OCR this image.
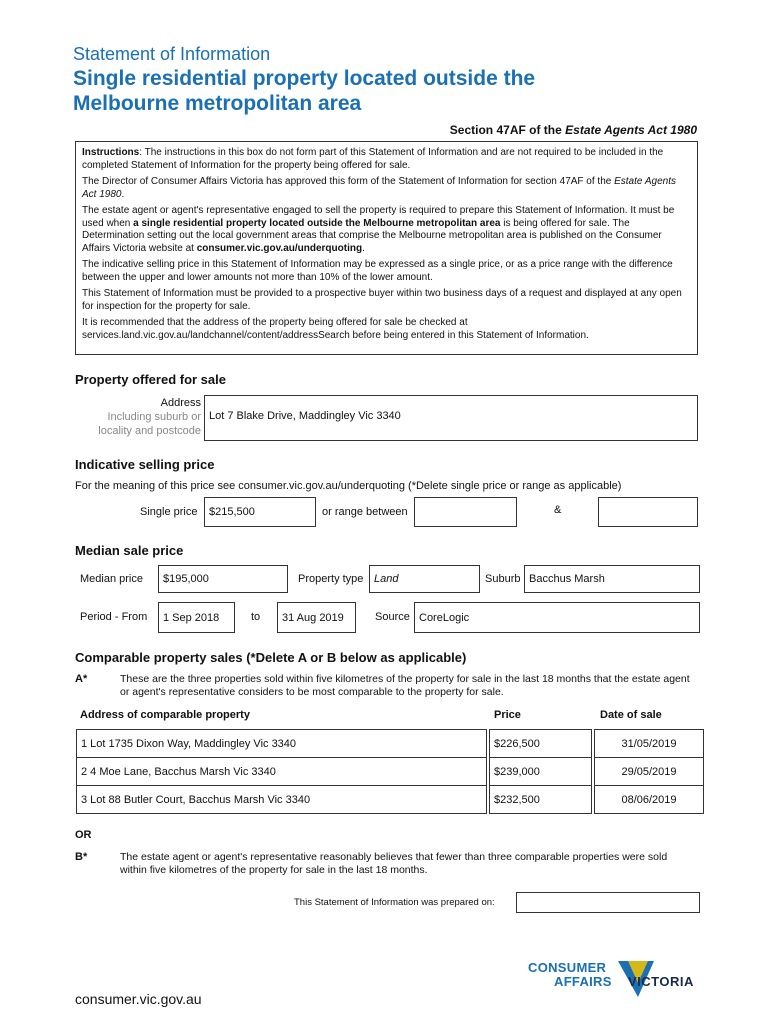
Statement of Information
Single residential property located outside the
Melbourne metropolitan area
Section 47AF of the Estate Agents Act 1980

Instructions: The instructions in this box do not form part of this Statement of Information and are not required to be included in the completed Statement of Information for the property being offered for sale.

The Director of Consumer Affairs Victoria has approved this form of the Statement of Information for section 47AF of the Estate Agents Act 1980.

The estate agent or agent's representative engaged to sell the property is required to prepare this Statement of Information. It must be used when a single residential property located outside the Melbourne metropolitan area is being offered for sale. The Determination setting out the local government areas that comprise the Melbourne metropolitan area is published on the Consumer Affairs Victoria website at consumer.vic.gov.au/underquoting.

The indicative selling price in this Statement of Information may be expressed as a single price, or as a price range with the difference between the upper and lower amounts not more than 10% of the lower amount.

This Statement of Information must be provided to a prospective buyer within two business days of a request and displayed at any open for inspection for the property for sale.

It is recommended that the address of the property being offered for sale be checked at services.land.vic.gov.au/landchannel/content/addressSearch before being entered in this Statement of Information.

Property offered for sale
Address
Including suburb or
locality and postcode
Lot 7 Blake Drive, Maddingley Vic 3340
Indicative selling price
For the meaning of this price see consumer.vic.gov.au/underquoting (*Delete single price or range as applicable)
Single price	$215,500	or range between	&
Median sale price
Median price	$195,000	Property type Land	Suburb Bacchus Marsh
Period - From	1 Sep 2018	to	31 Aug 2019	Source CoreLogic
Comparable property sales (*Delete A or B below as applicable)
A*	These are the three properties sold within five kilometres of the property for sale in the last 18 months that the estate agent or agent's representative considers to be most comparable to the property for sale.
Address of comparable property	Price	Date of sale
1 Lot 1735 Dixon Way, Maddingley Vic 3340	$226,500	31/05/2019
2 4 Moe Lane, Bacchus Marsh Vic 3340	$239,000	29/05/2019
3 Lot 88 Butler Court, Bacchus Marsh Vic 3340	$232,500	08/06/2019
OR
B*	The estate agent or agent's representative reasonably believes that fewer than three comparable properties were sold within five kilometres of the property for sale in the last 18 months.
This Statement of Information was prepared on:
CONSUMER
AFFAIRS VICTORIA
consumer.vic.gov.au
